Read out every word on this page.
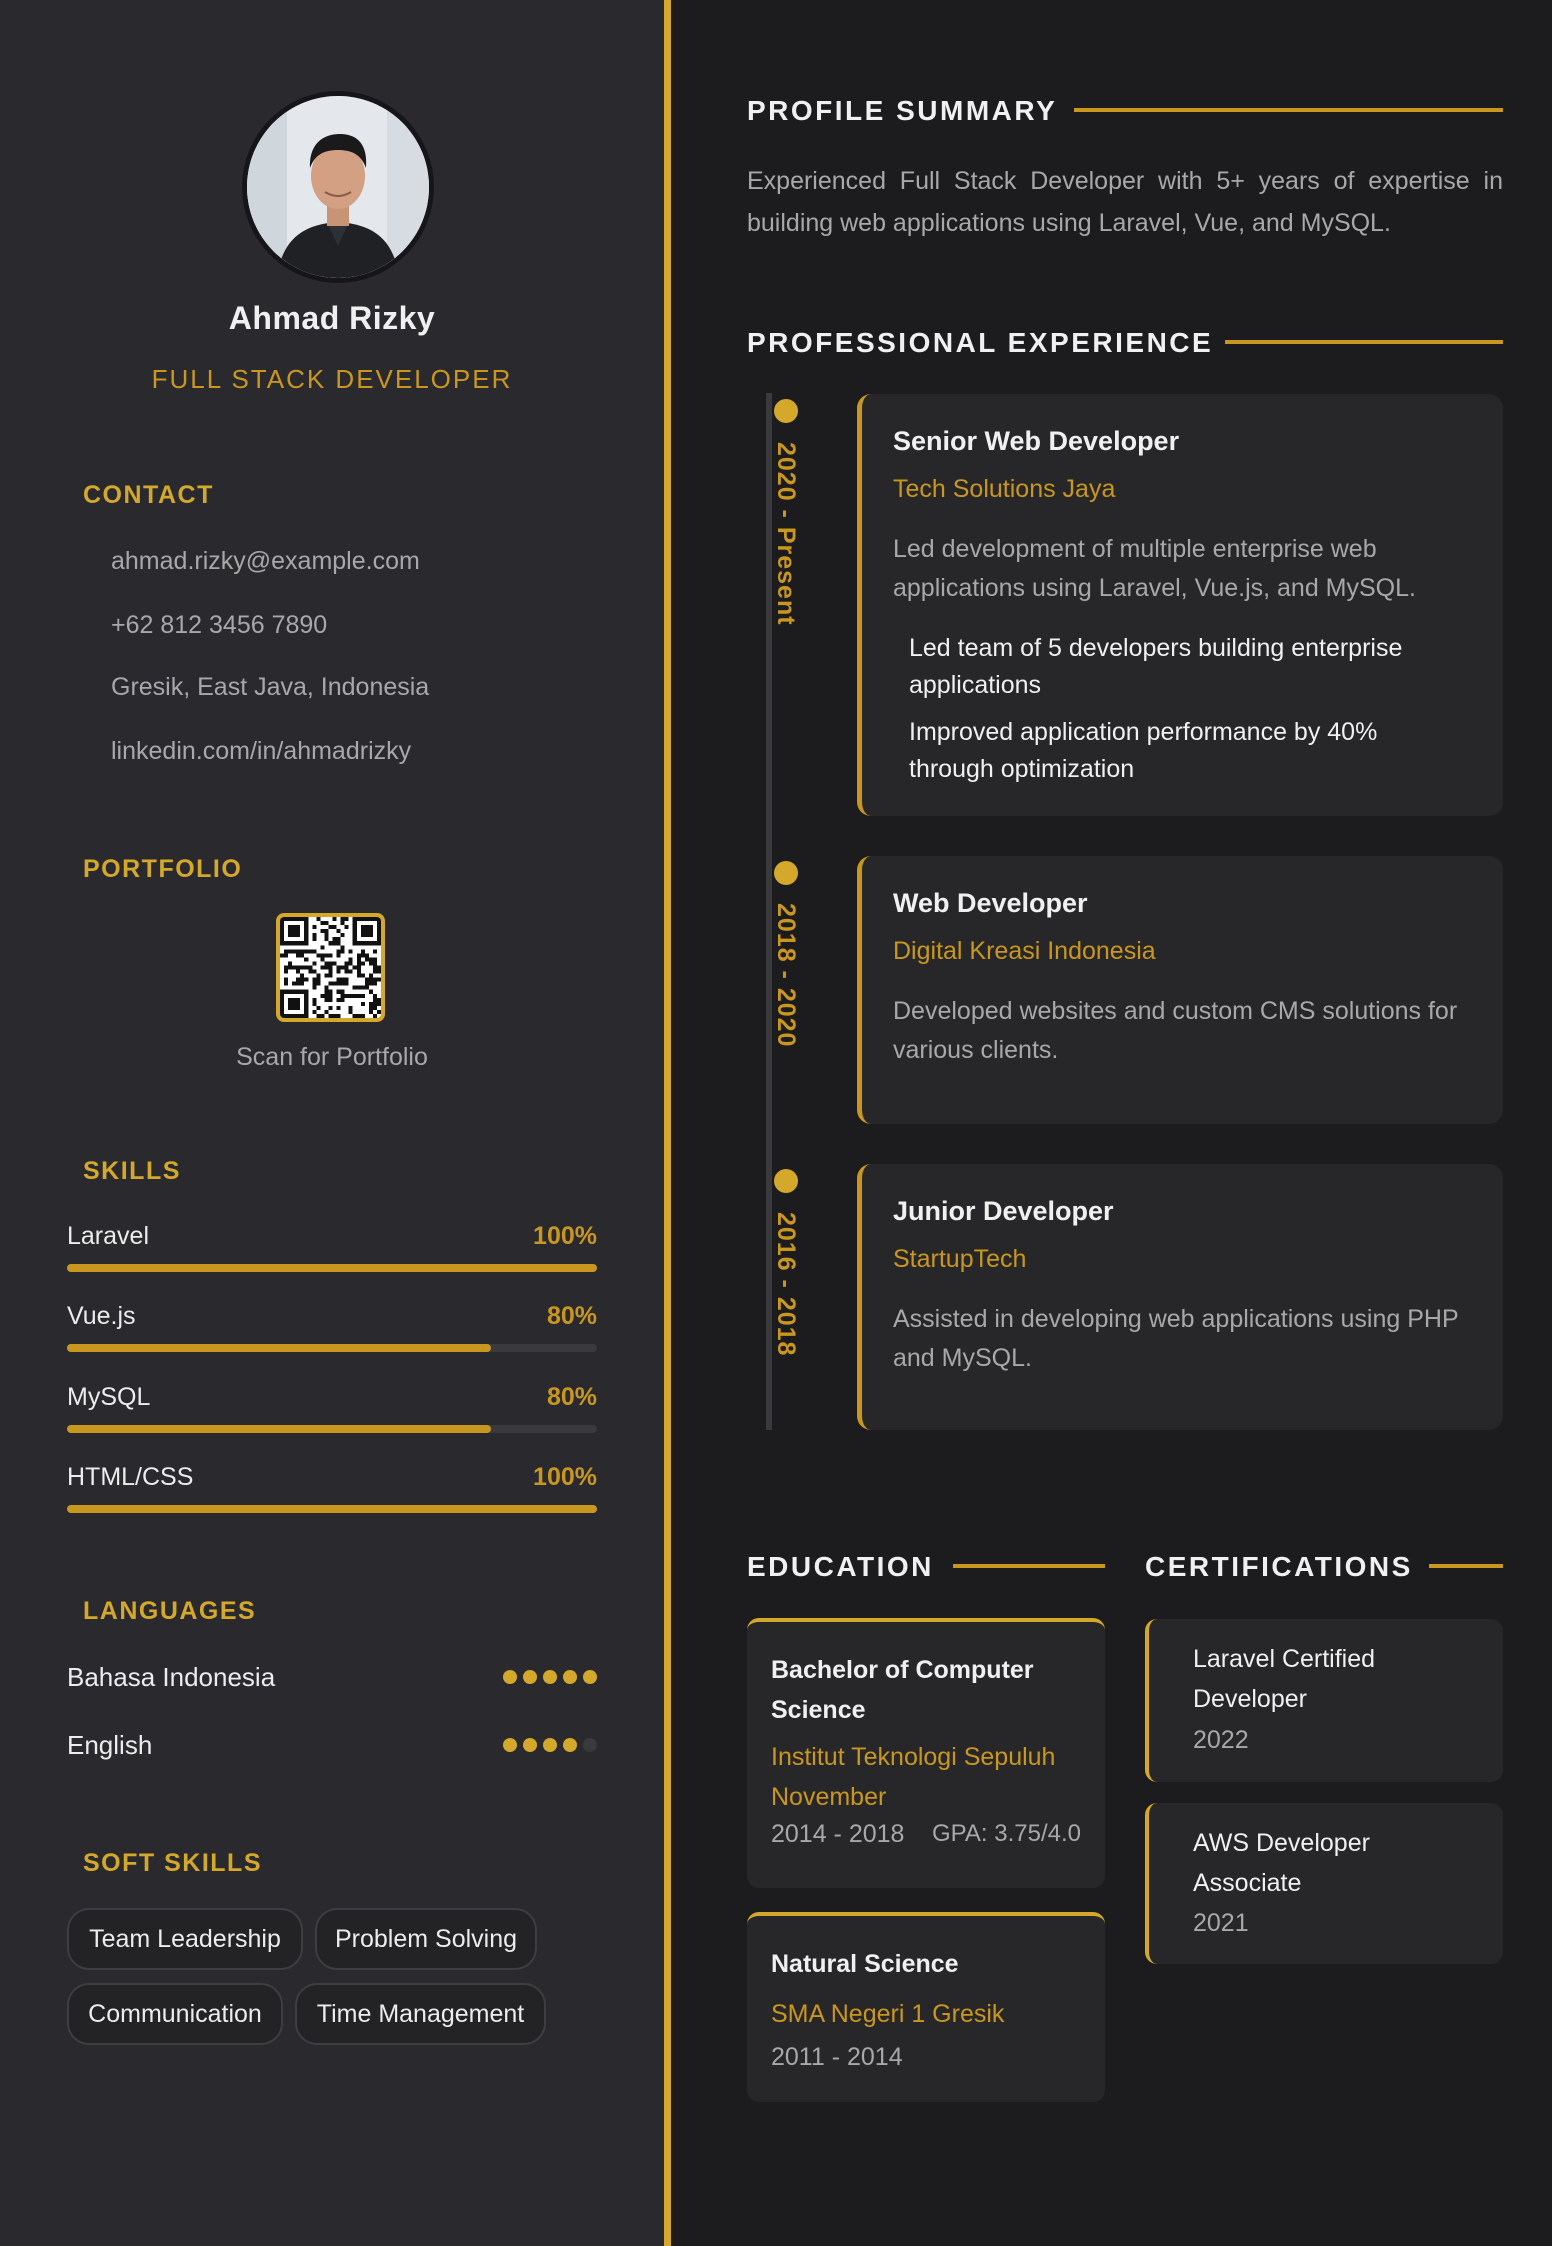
Ahmad Rizky
FULL STACK DEVELOPER
CONTACT
ahmad.rizky@example.com
+62 812 3456 7890
Gresik, East Java, Indonesia
linkedin.com/in/ahmadrizky
PORTFOLIO
Scan for Portfolio
SKILLS
Laravel	100%
Vue.js	80%
MySQL	80%
HTML/CSS	100%
LANGUAGES
Bahasa Indonesia
English
SOFT SKILLS
Team Leadership	Problem Solving
Communication	Time Management
PROFILE SUMMARY
Experienced Full Stack Developer with 5+ years of expertise in building web applications using Laravel, Vue, and MySQL.
PROFESSIONAL EXPERIENCE
2020 - Present
Senior Web Developer
Tech Solutions Jaya
Led development of multiple enterprise web applications using Laravel, Vue.js, and MySQL.
Led team of 5 developers building enterprise applications
Improved application performance by 40% through optimization
2018 - 2020	Web Developer
Digital Kreasi Indonesia
Developed websites and custom CMS solutions for various clients.
2016 - 2018
Junior Developer
StartupTech
Assisted in developing web applications using PHP and MySQL.
EDUCATION	CERTIFICATIONS
Bachelor of Computer Science
Institut Teknologi Sepuluh November
2014 - 2018 GPA: 3.75/4.0
Natural Science
SMA Negeri 1 Gresik
2011 - 2014
Laravel Certified Developer
2022
AWS Developer Associate
2021
